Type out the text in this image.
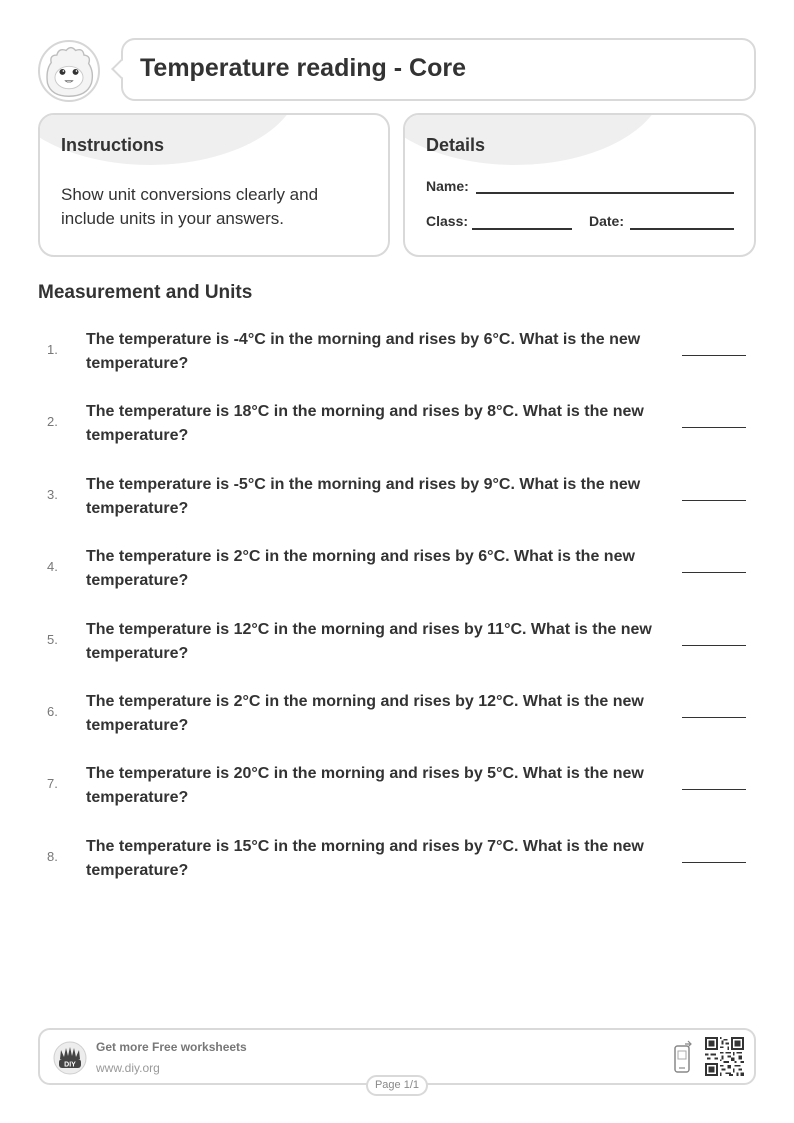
Temperature reading - Core
Instructions
Show unit conversions clearly and include units in your answers.
Details
Name:
Class:	Date:
Measurement and Units
1.
The temperature is -4°C in the morning and rises by 6°C. What is the new temperature?
2.
The temperature is 18°C in the morning and rises by 8°C. What is the new temperature?
3.
The temperature is -5°C in the morning and rises by 9°C. What is the new temperature?
4.
The temperature is 2°C in the morning and rises by 6°C. What is the new temperature?
5.
The temperature is 12°C in the morning and rises by 11°C. What is the new temperature?
6.
The temperature is 2°C in the morning and rises by 12°C. What is the new temperature?
7.
The temperature is 20°C in the morning and rises by 5°C. What is the new temperature?
8.
The temperature is 15°C in the morning and rises by 7°C. What is the new temperature?
DIY
Get more Free worksheets
www.diy.org
Page 1/1
